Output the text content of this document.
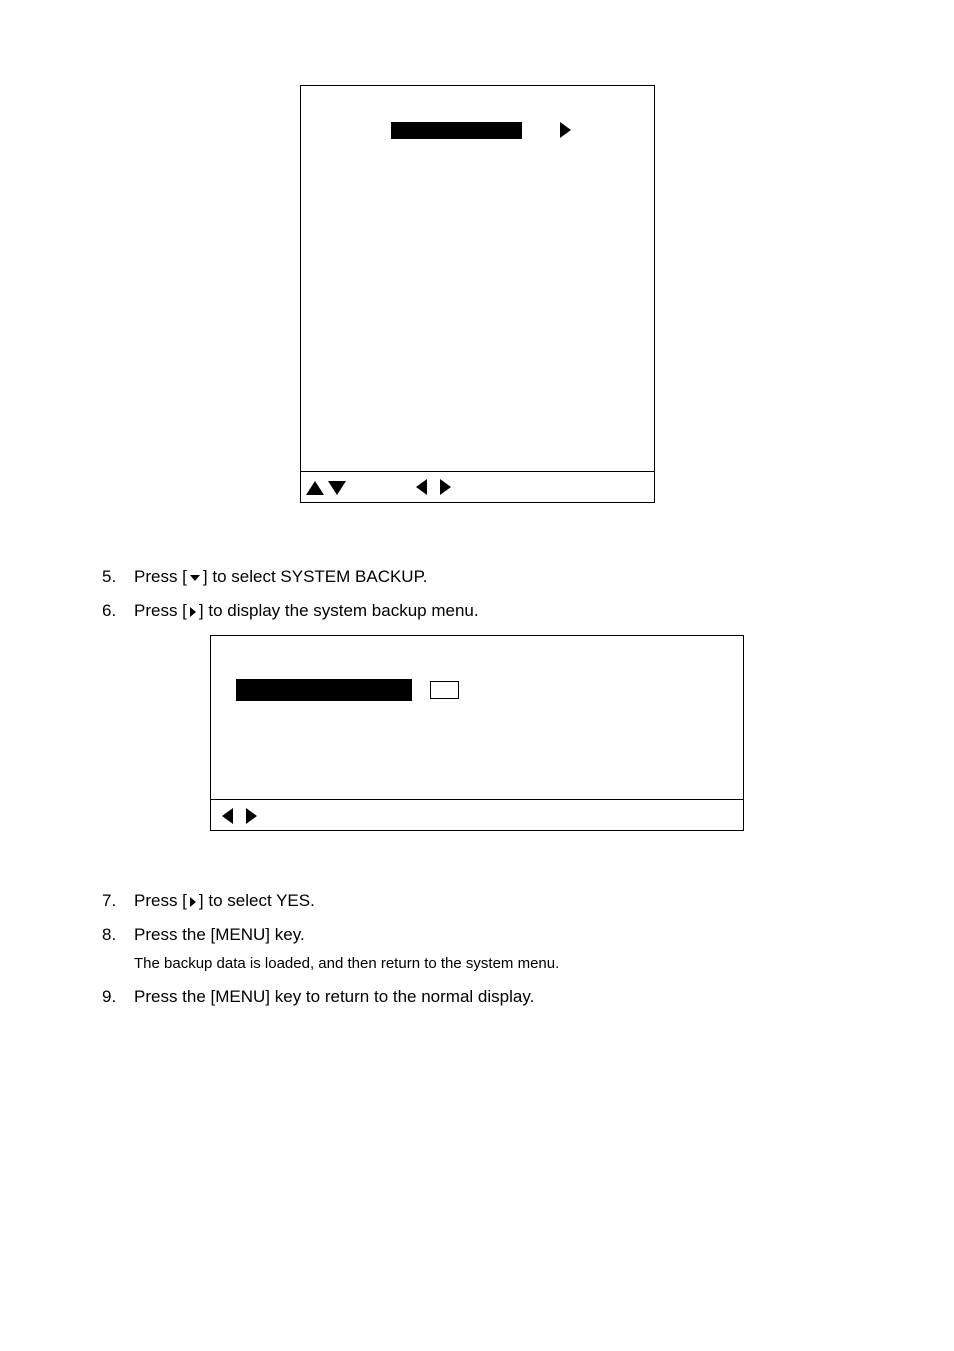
5. Press [ ] to select SYSTEM BACKUP.
6. Press [ ] to display the system backup menu.
7. Press [ ] to select YES.
8. Press the [MENU] key.
The backup data is loaded, and then return to the system menu.
9. Press the [MENU] key to return to the normal display.
